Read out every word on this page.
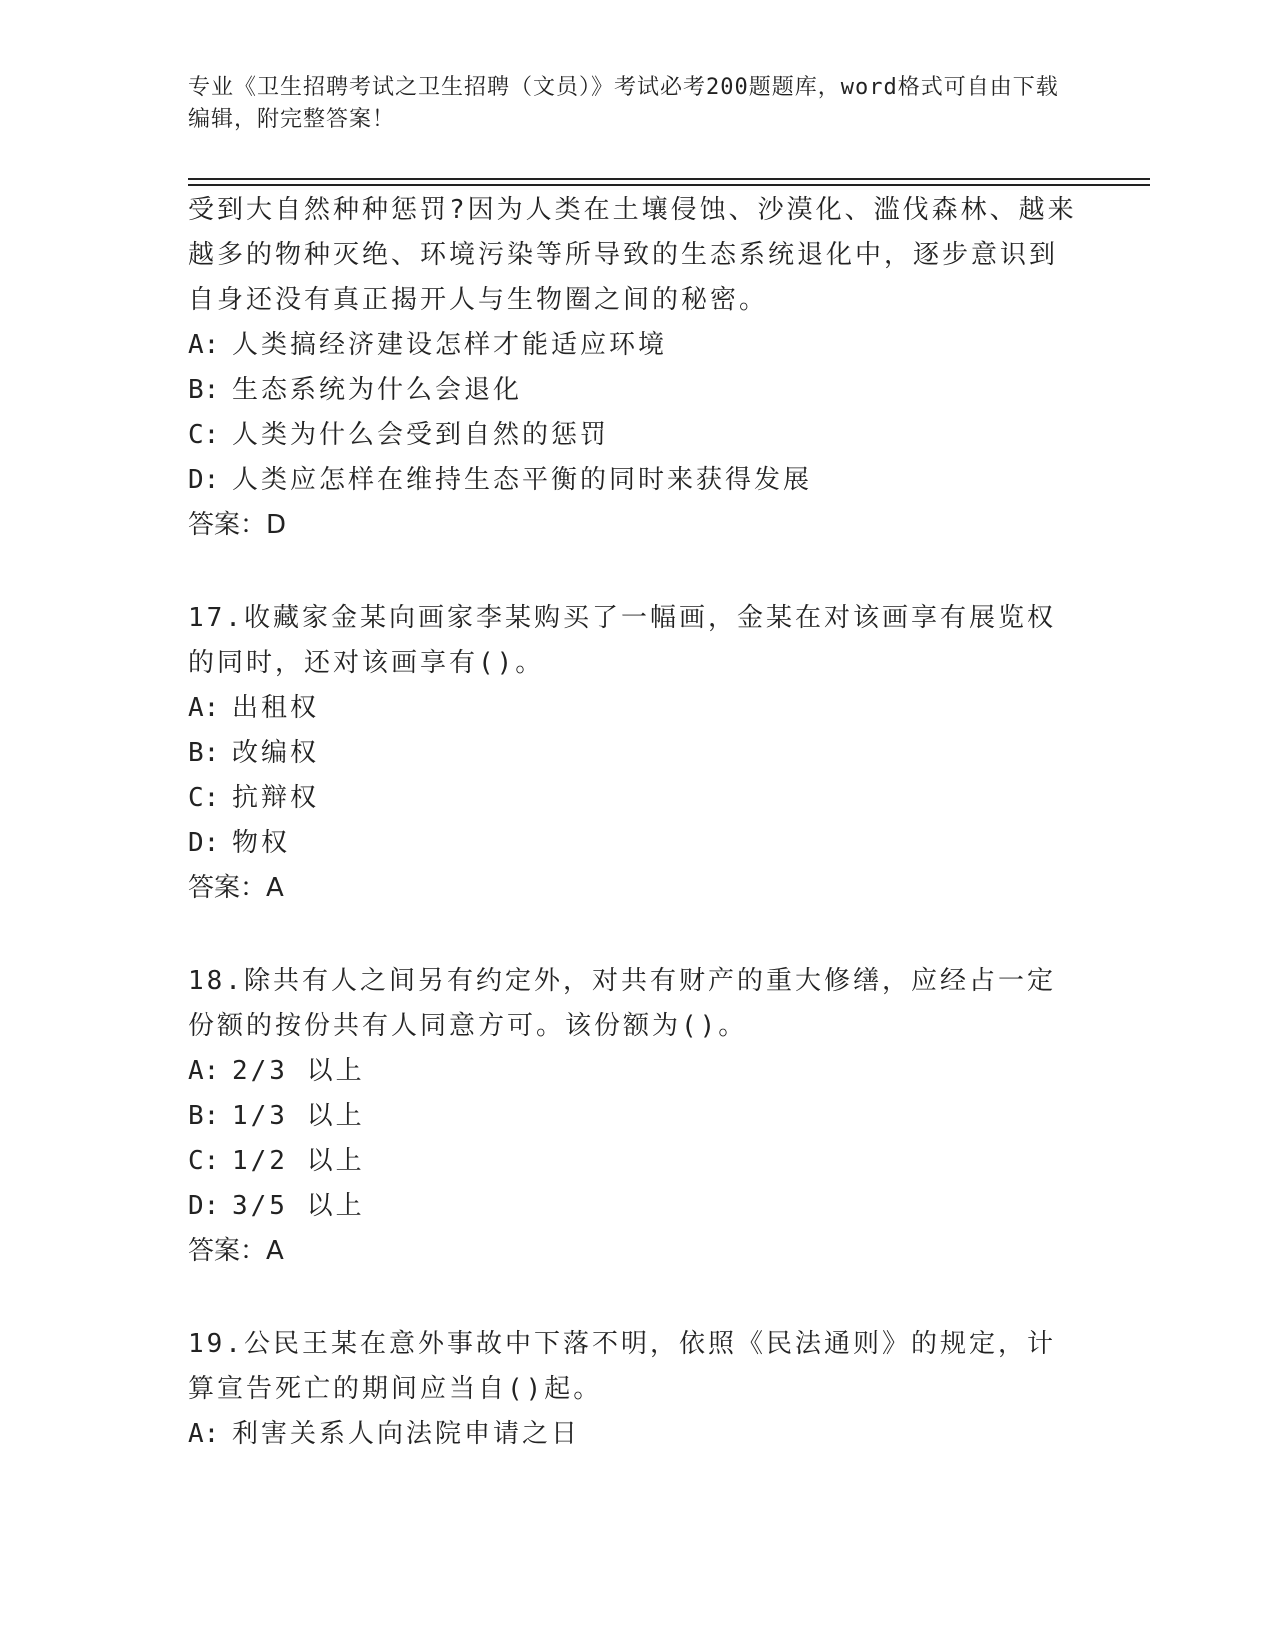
专业《卫生招聘考试之卫生招聘（文员）》考试必考200题题库，word格式可自由下载编辑，附完整答案！

受到大自然种种惩罚?因为人类在土壤侵蚀、沙漠化、滥伐森林、越来越多的物种灭绝、环境污染等所导致的生态系统退化中，逐步意识到自身还没有真正揭开人与生物圈之间的秘密。

A: 人类搞经济建设怎样才能适应环境
B: 生态系统为什么会退化
C: 人类为什么会受到自然的惩罚
D: 人类应怎样在维持生态平衡的同时来获得发展
答案：D

17.收藏家金某向画家李某购买了一幅画，金某在对该画享有展览权的同时，还对该画享有()。

A: 出租权
B: 改编权
C: 抗辩权
D: 物权
答案：A

18.除共有人之间另有约定外，对共有财产的重大修缮，应经占一定份额的按份共有人同意方可。该份额为()。

A: 2/3 以上
B: 1/3 以上
C: 1/2 以上
D: 3/5 以上
答案：A

19.公民王某在意外事故中下落不明，依照《民法通则》的规定，计算宣告死亡的期间应当自()起。

A: 利害关系人向法院申请之日
